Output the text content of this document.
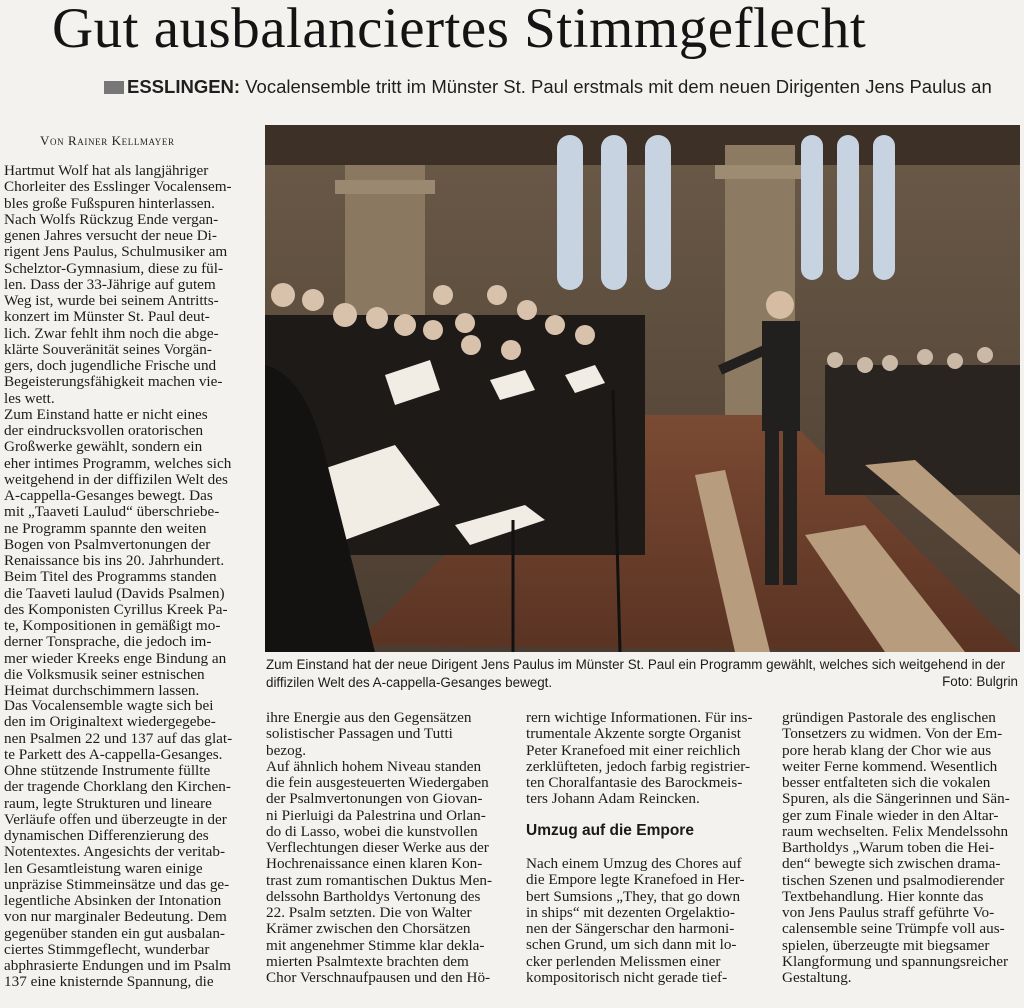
Gut ausbalanciertes Stimmgeflecht
ESSLINGEN: Vocalensemble tritt im Münster St. Paul erstmals mit dem neuen Dirigenten Jens Paulus an
Von Rainer Kellmayer
Hartmut Wolf hat als langjähriger
Chorleiter des Esslinger Vocalensem-
bles große Fußspuren hinterlassen.
Nach Wolfs Rückzug Ende vergan-
genen Jahres versucht der neue Di-
rigent Jens Paulus, Schulmusiker am
Schelztor-Gymnasium, diese zu fül-
len. Dass der 33-Jährige auf gutem
Weg ist, wurde bei seinem Antritts-
konzert im Münster St. Paul deut-
lich. Zwar fehlt ihm noch die abge-
klärte Souveränität seines Vorgän-
gers, doch jugendliche Frische und
Begeisterungsfähigkeit machen vie-
les wett.
Zum Einstand hatte er nicht eines
der eindrucksvollen oratorischen
Großwerke gewählt, sondern ein
eher intimes Programm, welches sich
weitgehend in der diffizilen Welt des
A-cappella-Gesanges bewegt. Das
mit „Taaveti Laulud“ überschriebe-
ne Programm spannte den weiten
Bogen von Psalmvertonungen der
Renaissance bis ins 20. Jahrhundert.
Beim Titel des Programms standen
die Taaveti laulud (Davids Psalmen)
des Komponisten Cyrillus Kreek Pa-
te, Kompositionen in gemäßigt mo-
derner Tonsprache, die jedoch im-
mer wieder Kreeks enge Bindung an
die Volksmusik seiner estnischen
Heimat durchschimmern lassen.
Das Vocalensemble wagte sich bei
den im Originaltext wiedergegebe-
nen Psalmen 22 und 137 auf das glat-
te Parkett des A-cappella-Gesanges.
Ohne stützende Instrumente füllte
der tragende Chorklang den Kirchen-
raum, legte Strukturen und lineare
Verläufe offen und überzeugte in der
dynamischen Differenzierung des
Notentextes. Angesichts der veritab-
len Gesamtleistung waren einige
unpräzise Stimmeinsätze und das ge-
legentliche Absinken der Intonation
von nur marginaler Bedeutung. Dem
gegenüber standen ein gut ausbalan-
ciertes Stimmgeflecht, wunderbar
abphrasierte Endungen und im Psalm
137 eine knisternde Spannung, die
ihre Energie aus den Gegensätzen
solistischer Passagen und Tutti
bezog.
Auf ähnlich hohem Niveau standen
die fein ausgesteuerten Wiedergaben
der Psalmvertonungen von Giovan-
ni Pierluigi da Palestrina und Orlan-
do di Lasso, wobei die kunstvollen
Verflechtungen dieser Werke aus der
Hochrenaissance einen klaren Kon-
trast zum romantischen Duktus Men-
delssohn Bartholdys Vertonung des
22. Psalm setzten. Die von Walter
Krämer zwischen den Chorsätzen
mit angenehmer Stimme klar dekla-
mierten Psalmtexte brachten dem
Chor Verschnaufpausen und den Hö-
rern wichtige Informationen. Für ins-
trumentale Akzente sorgte Organist
Peter Kranefoed mit einer reichlich
zerklüfteten, jedoch farbig registrier-
ten Choralfantasie des Barockmeis-
ters Johann Adam Reincken.
Umzug auf die Empore
Nach einem Umzug des Chores auf
die Empore legte Kranefoed in Her-
bert Sumsions „They, that go down
in ships“ mit dezenten Orgelaktio-
nen der Sängerschar den harmoni-
schen Grund, um sich dann mit lo-
cker perlenden Melissmen einer
kompositorisch nicht gerade tief-
gründigen Pastorale des englischen
Tonsetzers zu widmen. Von der Em-
pore herab klang der Chor wie aus
weiter Ferne kommend. Wesentlich
besser entfalteten sich die vokalen
Spuren, als die Sängerinnen und Sän-
ger zum Finale wieder in den Altar-
raum wechselten. Felix Mendelssohn
Bartholdys „Warum toben die Hei-
den“ bewegte sich zwischen drama-
tischen Szenen und psalmodierender
Textbehandlung. Hier konnte das
von Jens Paulus straff geführte Vo-
calensemble seine Trümpfe voll aus-
spielen, überzeugte mit biegsamer
Klangformung und spannungsreicher
Gestaltung.
Zum Einstand hat der neue Dirigent Jens Paulus im Münster St. Paul ein Programm gewählt, welches sich weitgehend in der diffizilen Welt des A-cappella-Gesanges bewegt.	Foto: Bulgrin
